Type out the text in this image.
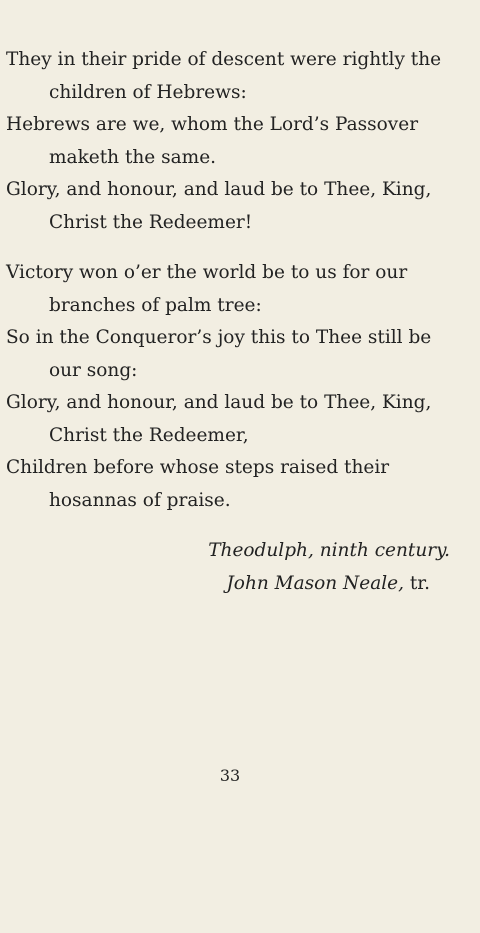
They in their pride of descent were rightly the
children of Hebrews:
Hebrews are we, whom the Lord’s Passover
maketh the same.
Glory, and honour, and laud be to Thee, King,
Christ the Redeemer!
Victory won o’er the world be to us for our
branches of palm tree:
So in the Conqueror’s joy this to Thee still be
our song:
Glory, and honour, and laud be to Thee, King,
Christ the Redeemer,
Children before whose steps raised their
hosannas of praise.
Theodulph, ninth century.
John Mason Neale, tr.
33
